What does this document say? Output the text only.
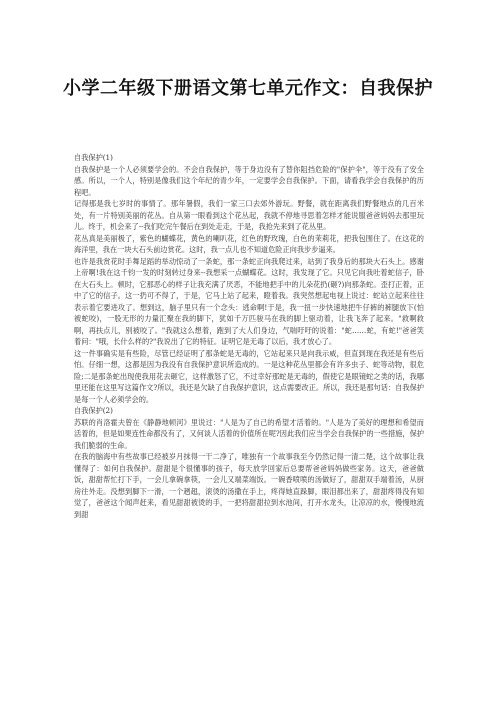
小学二年级下册语文第七单元作文：自我保护

自我保护(1)

自我保护是一个人必须要学会的。不会自我保护，等于身边没有了替你阻挡危险的"保护伞"，等于没有了安全感。所以，一个人，特别是像我们这个年纪的青少年，一定要学会自我保护。下面，请看我学会自我保护的历程吧。

记得那是我七岁时的事情了。那年暑假，我们一家三口去郊外游玩。野餐，就在距离我们野餐地点的几百米处，有一片特别美丽的花丛。自从第一眼看到这个花丛起，我就不停地寻思着怎样才能说服爸爸妈妈去那里玩儿。终于，机会来了--我们吃完午餐后在到处走走，于是，我抢先来到了花丛里。

花丛真是美丽极了，紫色的蝴蝶花，黄色的喇叭花，红色的野玫瑰，白色的茉莉花，把我包围住了。在这花的海洋里，我在一块大石头前边赏花。这时，我一点儿也不知道危险正向我步步逼来。

也许是我赏花时手舞足蹈的举动惊动了一条蛇，那一条蛇正向我爬过来，站到了我身后的那块大石头上。感谢上帝啊!我在这千钧一发的时刻转过身来--我想采一点蝴蝶花。这时，我发现了它。只见它向我吐着蛇信子，卧在大石头上。顿时，它那恶心的样子让我充满了厌恶，不能地把手中的儿朵花扔(砸?)向那条蛇。歪打正着，正中了它的信子。这一扔可不得了，于是，它马上站了起来，瞪着我。我突然想起电视上说过：蛇站立起来往往表示着它要进攻了。想到这，脑子里只有一个念头：逃命啊!于是，我一扭一步快速地把牛仔裤的裤腿放下(怕被蛇咬)，一股无形的力量汇聚在我的脚下，犹如千万匹骏马在我的脚上驱动着，让我飞奔了起来。"救啊救啊，再扶点儿，别被咬了。"我就这么想着，跑到了大人们身边，气喘吁吁的说着："蛇……蛇，有蛇!"爸爸笑着问："哦，长什么样的?"我说出了它的特征。证明它是无毒了以后，我才放心了。

这一件事确实是有些险，尽管已经证明了那条蛇是无毒的，它站起来只是向我示威，但直到现在我还是有些后怕。仔细一想，这都是因为我没有自我保护意识所造成的。一是这种花丛里都会有许多虫子、蛇等动物，很危险;二是那条蛇出现使我用花去砸它，这样激怒了它，不过幸好那蛇是无毒的，假使它是眼镜蛇之类的话，我哪里还能在这里写这篇作文?所以，我还是欠缺了自我保护意识，这点需要改正。所以，我还是那句话：自我保护是每一个人必须学会的。

自我保护(2)

苏联的肖洛霍夫曾在《静静地顿河》里说过："人是为了自己的希望才活着的。"人是为了美好的理想和希望而活着的，但是如果连性命都没有了，又何谈人活着的价值所在呢?因此我们应当学会自我保护的一些措施，保护我们脆弱的生命。

在我的脑海中有些故事已经被岁月抹得一干二净了，唯独有一个故事我至今仍然记得一清二楚，这个故事让我懂得了：如何自我保护。甜甜是个很懂事的孩子，每天放学回家后总要帮爸爸妈妈做些家务。这天，爸爸做饭，甜甜帮忙打下手，一会儿拿碗拿筷，一会儿又端菜端饭。一碗香喷喷的汤做好了，甜甜双手端着汤，从厨房往外走。没想到脚下一滑，一个趔趄，滚烫的汤撒在手上，疼得她直跺脚，眼泪都出来了，甜甜疼得没有知觉了，爸爸这个闻声赶来，看见甜甜被烫的手，一把将甜甜拉到水池间，打开水龙头，让凉凉的水，慢慢地流到甜
